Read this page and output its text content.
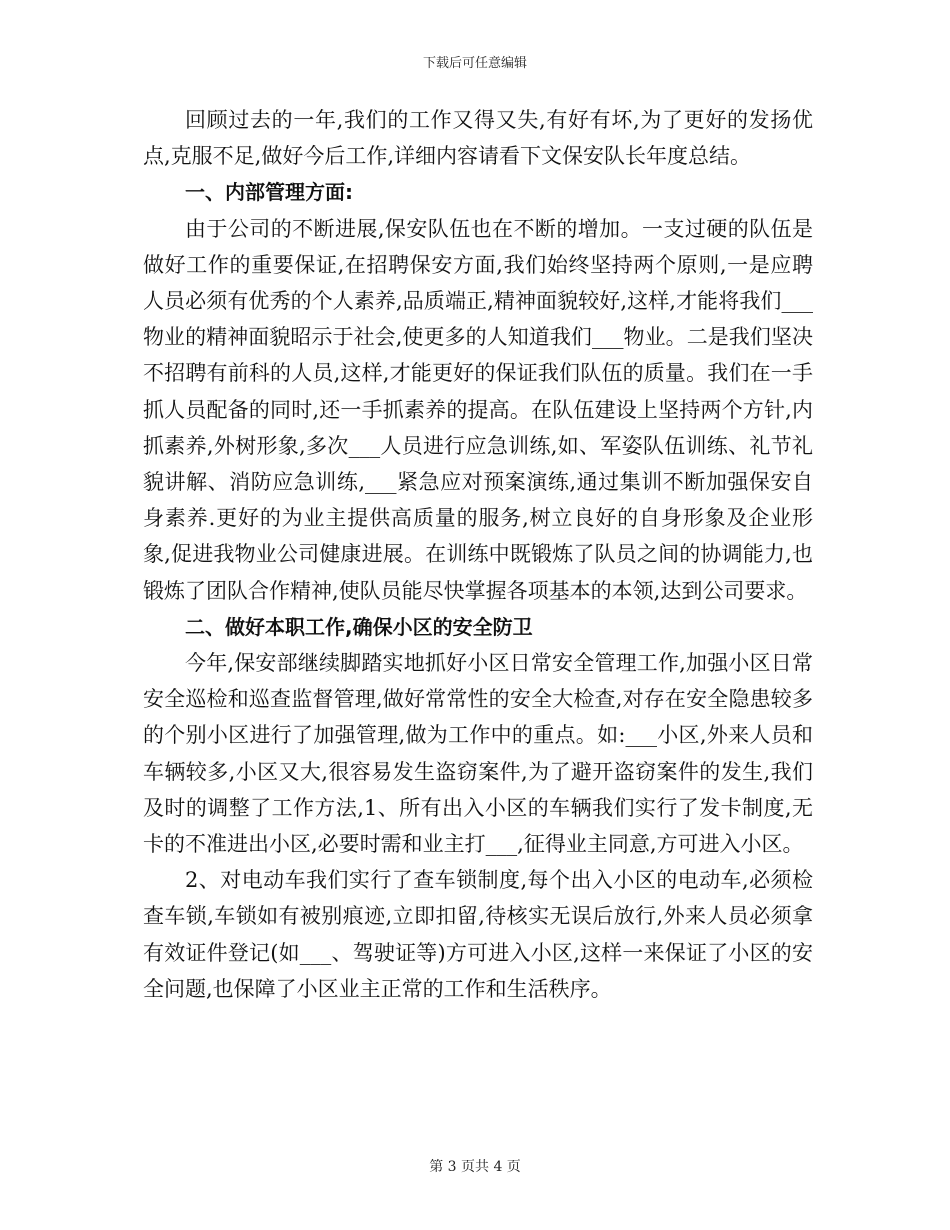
下载后可任意编辑

回顾过去的一年,我们的工作又得又失,有好有坏,为了更好的发扬优点,克服不足,做好今后工作,详细内容请看下文保安队长年度总结。

一、内部管理方面:

由于公司的不断进展,保安队伍也在不断的增加。一支过硬的队伍是做好工作的重要保证,在招聘保安方面,我们始终坚持两个原则,一是应聘人员必须有优秀的个人素养,品质端正,精神面貌较好,这样,才能将我们___物业的精神面貌昭示于社会,使更多的人知道我们___物业。二是我们坚决不招聘有前科的人员,这样,才能更好的保证我们队伍的质量。我们在一手抓人员配备的同时,还一手抓素养的提高。在队伍建设上坚持两个方针,内抓素养,外树形象,多次___人员进行应急训练,如、军姿队伍训练、礼节礼貌讲解、消防应急训练,___紧急应对预案演练,通过集训不断加强保安自身素养.更好的为业主提供高质量的服务,树立良好的自身形象及企业形象,促进我物业公司健康进展。在训练中既锻炼了队员之间的协调能力,也锻炼了团队合作精神,使队员能尽快掌握各项基本的本领,达到公司要求。

二、做好本职工作,确保小区的安全防卫

今年,保安部继续脚踏实地抓好小区日常安全管理工作,加强小区日常安全巡检和巡查监督管理,做好常常性的安全大检查,对存在安全隐患较多的个别小区进行了加强管理,做为工作中的重点。如:___小区,外来人员和车辆较多,小区又大,很容易发生盗窃案件,为了避开盗窃案件的发生,我们及时的调整了工作方法,1、所有出入小区的车辆我们实行了发卡制度,无卡的不准进出小区,必要时需和业主打___,征得业主同意,方可进入小区。

2、对电动车我们实行了查车锁制度,每个出入小区的电动车,必须检查车锁,车锁如有被别痕迹,立即扣留,待核实无误后放行,外来人员必须拿有效证件登记(如___、驾驶证等)方可进入小区,这样一来保证了小区的安全问题,也保障了小区业主正常的工作和生活秩序。

第 3 页共 4 页
